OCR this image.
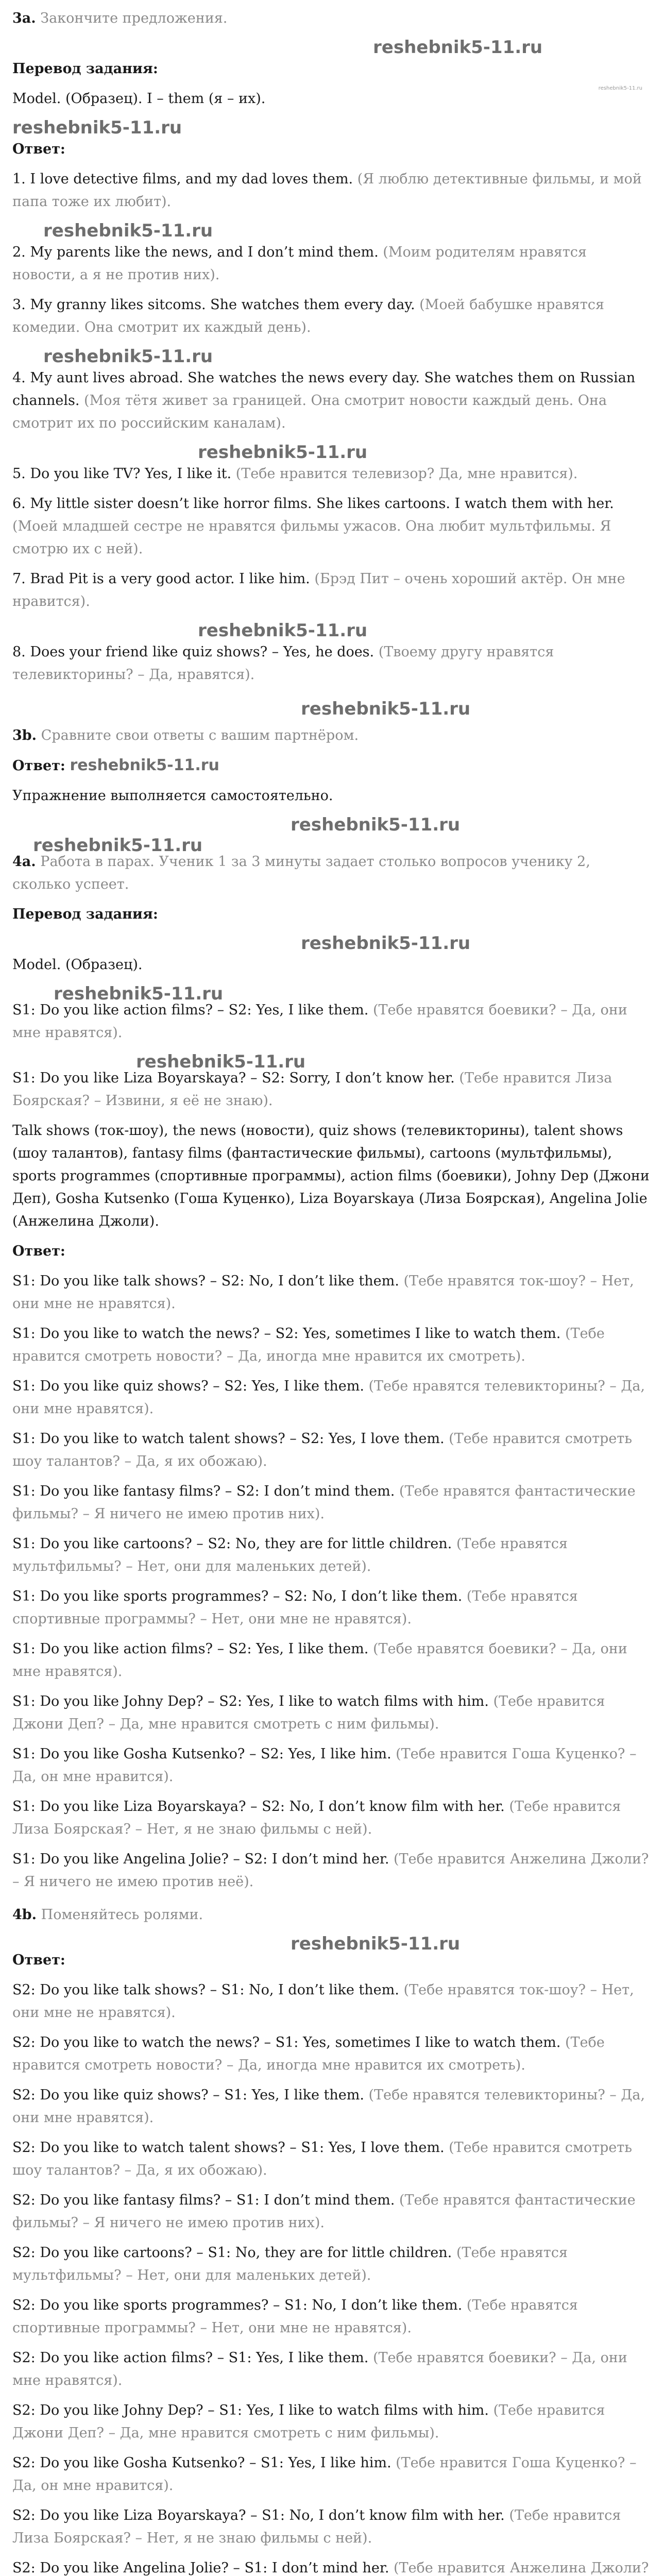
3a. Закончите предложения.

reshebnik5-11.ru

Перевод задания:

Model. (Образец). I – them (я – их).

reshebnik5-11.ru

Ответ:

1. I love detective films, and my dad loves them. (Я люблю детективные фильмы, и мой папа тоже их любит).

reshebnik5-11.ru

2. My parents like the news, and I don’t mind them. (Моим родителям нравятся новости, а я не против них).

3. My granny likes sitcoms. She watches them every day. (Моей бабушке нравятся комедии. Она смотрит их каждый день).

reshebnik5-11.ru

4. My aunt lives abroad. She watches the news every day. She watches them on Russian channels. (Моя тётя живет за границей. Она смотрит новости каждый день. Она смотрит их по российским каналам).

reshebnik5-11.ru

5. Do you like TV? Yes, I like it. (Тебе нравится телевизор? Да, мне нравится).

6. My little sister doesn’t like horror films. She likes cartoons. I watch them with her. (Моей младшей сестре не нравятся фильмы ужасов. Она любит мультфильмы. Я смотрю их с ней).

7. Brad Pit is a very good actor. I like him. (Брэд Пит – очень хороший актёр. Он мне нравится).

reshebnik5-11.ru

8. Does your friend like quiz shows? – Yes, he does. (Твоему другу нравятся телевикторины? – Да, нравятся).

reshebnik5-11.ru

3b. Сравните свои ответы с вашим партнёром.

Ответ: reshebnik5-11.ru

Упражнение выполняется самостоятельно.

reshebnik5-11.ru
reshebnik5-11.ru

4a. Работа в парах. Ученик 1 за 3 минуты задает столько вопросов ученику 2, сколько успеет.

Перевод задания:

reshebnik5-11.ru

Model. (Образец).

reshebnik5-11.ru

S1: Do you like action films? – S2: Yes, I like them. (Тебе нравятся боевики? – Да, они мне нравятся).

reshebnik5-11.ru

S1: Do you like Liza Boyarskaya? – S2: Sorry, I don’t know her. (Тебе нравится Лиза Боярская? – Извини, я её не знаю).

Talk shows (ток-шоу), the news (новости), quiz shows (телевикторины), talent shows (шоу талантов), fantasy films (фантастические фильмы), cartoons (мультфильмы), sports programmes (спортивные программы), action films (боевики), Johny Dep (Джони Деп), Gosha Kutsenko (Гоша Куценко), Liza Boyarskaya (Лиза Боярская), Angelina Jolie (Анжелина Джоли).

Ответ:

S1: Do you like talk shows? – S2: No, I don’t like them. (Тебе нравятся ток-шоу? – Нет, они мне не нравятся).

S1: Do you like to watch the news? – S2: Yes, sometimes I like to watch them. (Тебе нравится смотреть новости? – Да, иногда мне нравится их смотреть).

S1: Do you like quiz shows? – S2: Yes, I like them. (Тебе нравятся телевикторины? – Да, они мне нравятся).

S1: Do you like to watch talent shows? – S2: Yes, I love them. (Тебе нравится смотреть шоу талантов? – Да, я их обожаю).

S1: Do you like fantasy films? – S2: I don’t mind them. (Тебе нравятся фантастические фильмы? – Я ничего не имею против них).

S1: Do you like cartoons? – S2: No, they are for little children. (Тебе нравятся мультфильмы? – Нет, они для маленьких детей).

S1: Do you like sports programmes? – S2: No, I don’t like them. (Тебе нравятся спортивные программы? – Нет, они мне не нравятся).

S1: Do you like action films? – S2: Yes, I like them. (Тебе нравятся боевики? – Да, они мне нравятся).

S1: Do you like Johny Dep? – S2: Yes, I like to watch films with him. (Тебе нравится Джони Деп? – Да, мне нравится смотреть с ним фильмы).

S1: Do you like Gosha Kutsenko? – S2: Yes, I like him. (Тебе нравится Гоша Куценко? – Да, он мне нравится).

S1: Do you like Liza Boyarskaya? – S2: No, I don’t know film with her. (Тебе нравится Лиза Боярская? – Нет, я не знаю фильмы с ней).

S1: Do you like Angelina Jolie? – S2: I don’t mind her. (Тебе нравится Анжелина Джоли? – Я ничего не имею против неё).

4b. Поменяйтесь ролями.

reshebnik5-11.ru

Ответ:

S2: Do you like talk shows? – S1: No, I don’t like them. (Тебе нравятся ток-шоу? – Нет, они мне не нравятся).

S2: Do you like to watch the news? – S1: Yes, sometimes I like to watch them. (Тебе нравится смотреть новости? – Да, иногда мне нравится их смотреть).

S2: Do you like quiz shows? – S1: Yes, I like them. (Тебе нравятся телевикторины? – Да, они мне нравятся).

S2: Do you like to watch talent shows? – S1: Yes, I love them. (Тебе нравится смотреть шоу талантов? – Да, я их обожаю).

S2: Do you like fantasy films? – S1: I don’t mind them. (Тебе нравятся фантастические фильмы? – Я ничего не имею против них).

S2: Do you like cartoons? – S1: No, they are for little children. (Тебе нравятся мультфильмы? – Нет, они для маленьких детей).

S2: Do you like sports programmes? – S1: No, I don’t like them. (Тебе нравятся спортивные программы? – Нет, они мне не нравятся).

S2: Do you like action films? – S1: Yes, I like them. (Тебе нравятся боевики? – Да, они мне нравятся).

S2: Do you like Johny Dep? – S1: Yes, I like to watch films with him. (Тебе нравится Джони Деп? – Да, мне нравится смотреть с ним фильмы).

S2: Do you like Gosha Kutsenko? – S1: Yes, I like him. (Тебе нравится Гоша Куценко? – Да, он мне нравится).

S2: Do you like Liza Boyarskaya? – S1: No, I don’t know film with her. (Тебе нравится Лиза Боярская? – Нет, я не знаю фильмы с ней).

S2: Do you like Angelina Jolie? – S1: I don’t mind her. (Тебе нравится Анжелина Джоли?

reshebnik5-11.ru
